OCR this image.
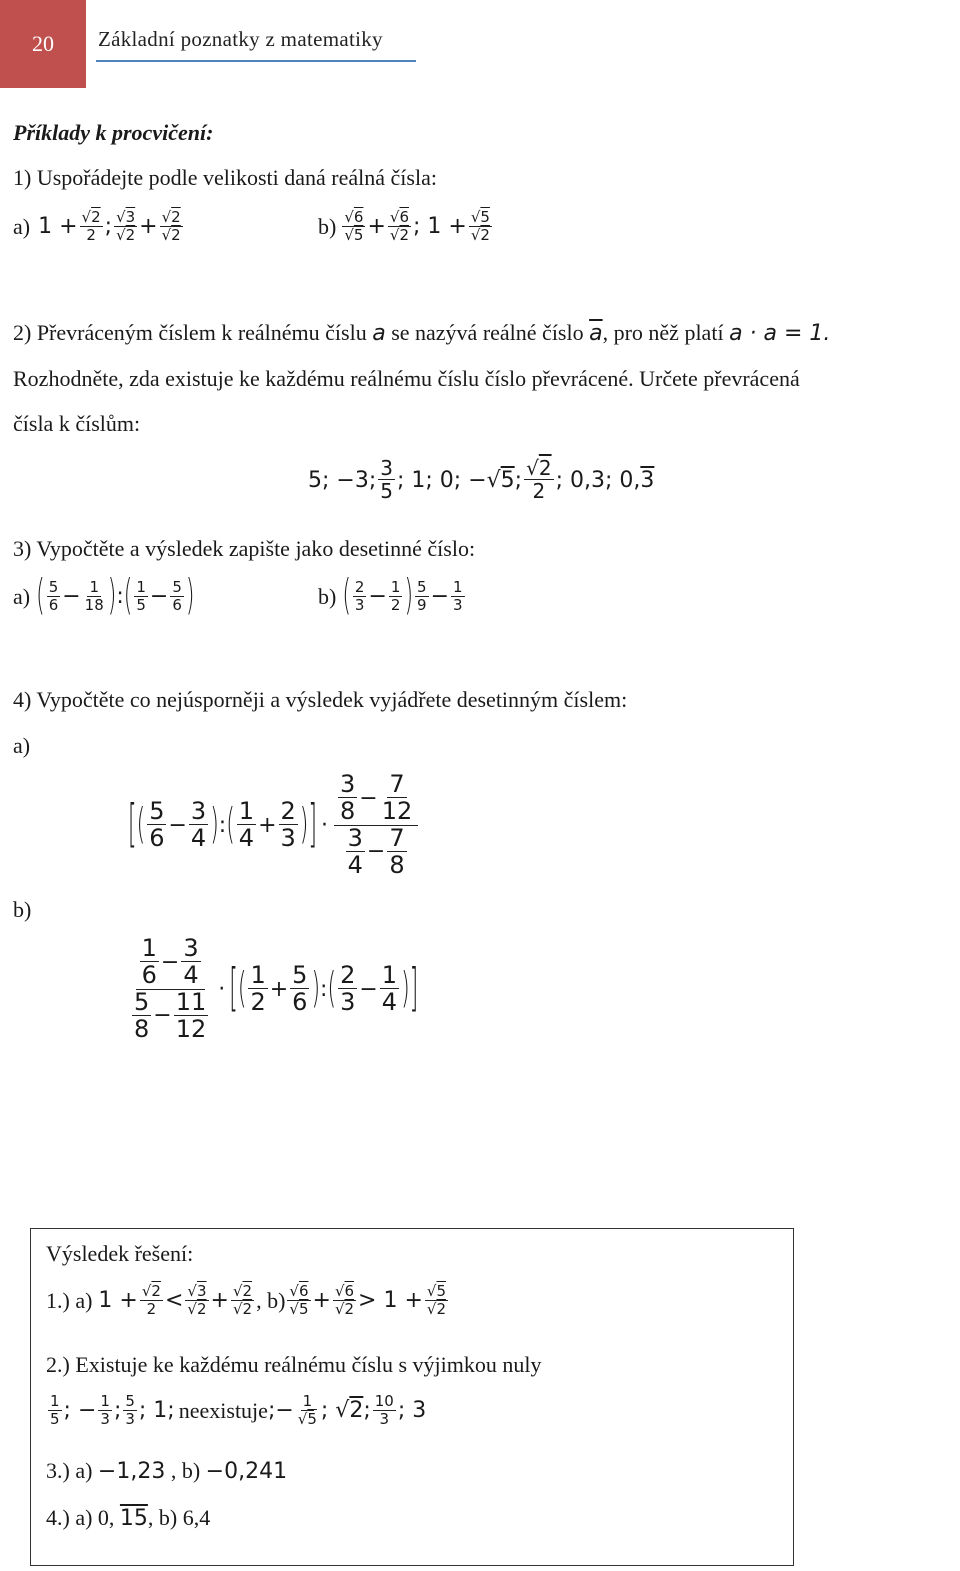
20	Základní poznatky z matematiky
Příklady k procvičení:
1) Uspořádejte podle velikosti daná reálná čísla:
a) $1 + \frac{√2}{2}$ ; $\frac{√3}{√2} + \frac{√2}{√2}$	$b) \frac{√6}{√5} + \frac{√6}{√2}$ ; $1 + \frac{√5}{√2}$
2) Převráceným číslem k reálnému číslu a se nazývá reálné číslo $\overline{a}$, pro něž platí a · a = 1.
Rozhodněte, zda existuje ke každému reálnému číslu číslo převrácené. Určete převrácená
čísla k číslům:
5; −3; $\frac{3}{5}$ ; 1; 0; −√5; $\frac{√2}{2}$ ; 0,3; 0,3
3) Vypočtěte a výsledek zapište jako desetinné číslo:
a) ( $\frac{5}{6} - \frac{1}{18}$ ) : ( $\frac{1}{5} - \frac{5}{6}$ )	b) ( $\frac{2}{3} - \frac{1}{2}$ ) $\frac{5}{9} - \frac{1}{3}$
4) Vypočtěte co nejúsporněji a výsledek vyjádřete desetinným číslem:
a)
[ ( $\frac{5}{6} - \frac{3}{4}$ ) : ( $\frac{1}{4} + \frac{2}{3}$ ) ] · $\frac{\frac{3}{8} - \frac{7}{12}}{\frac{3}{4} - \frac{7}{8}}$
b)
$\frac{\frac{1}{6} - \frac{3}{4}}{\frac{5}{8} - \frac{11}{12}}$ · [ ( $\frac{1}{2} + \frac{5}{6}$ ) : ( $\frac{2}{3} - \frac{1}{4}$ ) ]
Výsledek řešení:
1.) a) $1 + \frac{√2}{2} < \frac{√3}{√2} + \frac{√2}{√2}$ , $b) \frac{√6}{√5} + \frac{√6}{√2} > 1 + \frac{√5}{√2}$
2.) Existuje ke každému reálnému číslu s výjimkou nuly
$\frac{1}{5}$ ; − $\frac{1}{3}$ ; $\frac{5}{3}$ ; 1; neexistuje ;− $\frac{1}{√5}$ ; √2; $\frac{10}{3}$ ; 3
3.) a) −1,23 , b) −0,241
4.) a) 0, 15, b) 6,4
